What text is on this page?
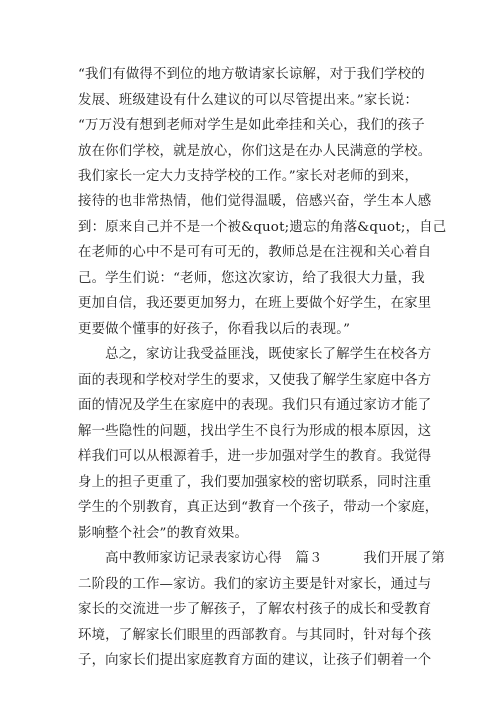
“我们有做得不到位的地方敬请家长谅解，对于我们学校的
发展、班级建设有什么建议的可以尽管提出来。”家长说：
“万万没有想到老师对学生是如此牵挂和关心，我们的孩子
放在你们学校，就是放心，你们这是在办人民满意的学校。
我们家长一定大力支持学校的工作。”家长对老师的到来，
接待的也非常热情，他们觉得温暖，倍感兴奋，学生本人感
到：原来自己并不是一个被&quot;遗忘的角落&quot;，自己
在老师的心中不是可有可无的，教师总是在注视和关心着自
己。学生们说：“老师，您这次家访，给了我很大力量，我
更加自信，我还要更加努力，在班上要做个好学生，在家里
更要做个懂事的好孩子，你看我以后的表现。”
　　总之，家访让我受益匪浅，既使家长了解学生在校各方
面的表现和学校对学生的要求，又使我了解学生家庭中各方
面的情况及学生在家庭中的表现。我们只有通过家访才能了
解一些隐性的问题，找出学生不良行为形成的根本原因，这
样我们可以从根源着手，进一步加强对学生的教育。我觉得
身上的担子更重了，我们要加强家校的密切联系，同时注重
学生的个别教育，真正达到“教育一个孩子，带动一个家庭，
影响整个社会”的教育效果。
　　高中教师家访记录表家访心得　篇３　　　我们开展了第
二阶段的工作—家访。我们的家访主要是针对家长，通过与
家长的交流进一步了解孩子，了解农村孩子的成长和受教育
环境，了解家长们眼里的西部教育。与其同时，针对每个孩
子，向家长们提出家庭教育方面的建议，让孩子们朝着一个
